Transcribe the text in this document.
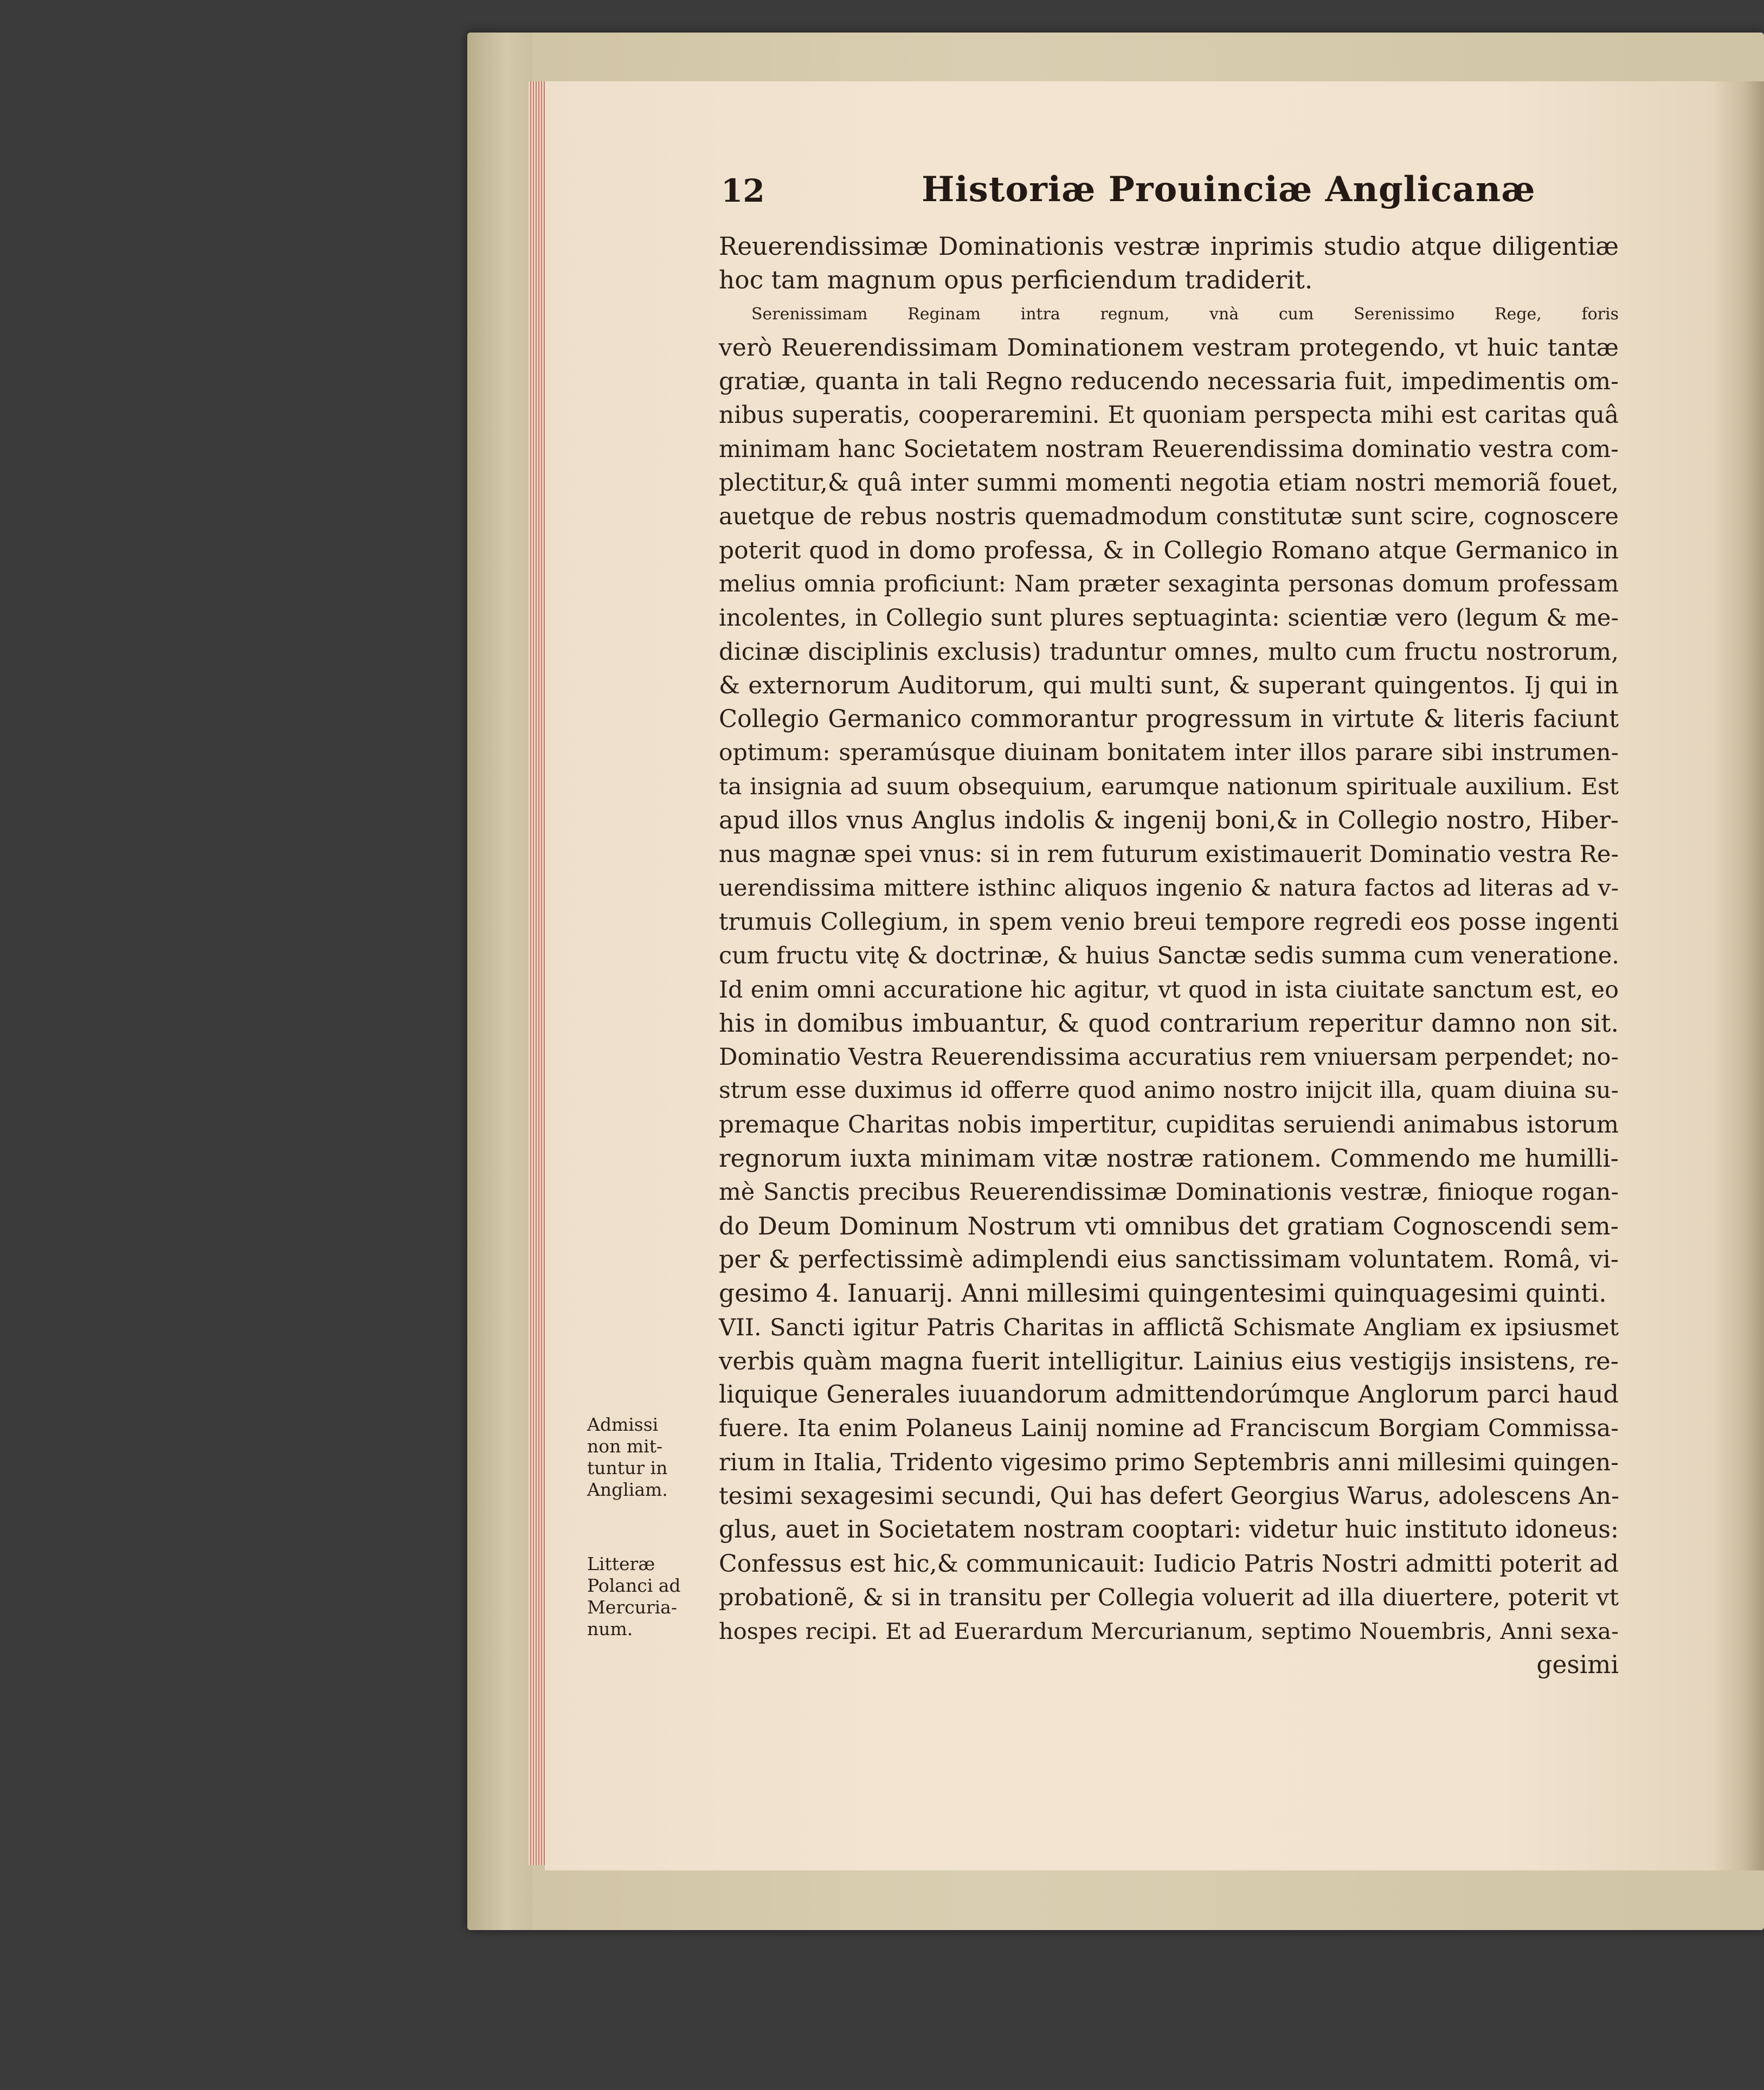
12	Historiæ Prouinciæ Anglicanæ
Reuerendissimæ Dominationis vestræ inprimis studio atque diligentiæ
hoc tam magnum opus perficiendum tradiderit.
Serenissimam Reginam intra regnum, vnà cum Serenissimo Rege, foris
verò Reuerendissimam Dominationem vestram protegendo, vt huic tantæ
gratiæ, quanta in tali Regno reducendo necessaria fuit, impedimentis om-
nibus superatis, cooperaremini. Et quoniam perspecta mihi est caritas quâ
minimam hanc Societatem nostram Reuerendissima dominatio vestra com-
plectitur,& quâ inter summi momenti negotia etiam nostri memoriã fouet,
auetque de rebus nostris quemadmodum constitutæ sunt scire, cognoscere
poterit quod in domo professa, & in Collegio Romano atque Germanico in
melius omnia proficiunt: Nam præter sexaginta personas domum professam
incolentes, in Collegio sunt plures septuaginta: scientiæ vero (legum & me-
dicinæ disciplinis exclusis) traduntur omnes, multo cum fructu nostrorum,
& externorum Auditorum, qui multi sunt, & superant quingentos. Ij qui in
Collegio Germanico commorantur progressum in virtute & literis faciunt
optimum: speramúsque diuinam bonitatem inter illos parare sibi instrumen-
ta insignia ad suum obsequium, earumque nationum spirituale auxilium. Est
apud illos vnus Anglus indolis & ingenij boni,& in Collegio nostro, Hiber-
nus magnæ spei vnus: si in rem futurum existimauerit Dominatio vestra Re-
uerendissima mittere isthinc aliquos ingenio & natura factos ad literas ad v-
trumuis Collegium, in spem venio breui tempore regredi eos posse ingenti
cum fructu vitę & doctrinæ, & huius Sanctæ sedis summa cum veneratione.
Id enim omni accuratione hic agitur, vt quod in ista ciuitate sanctum est, eo
his in domibus imbuantur, & quod contrarium reperitur damno non sit.
Dominatio Vestra Reuerendissima accuratius rem vniuersam perpendet; no-
strum esse duximus id offerre quod animo nostro inijcit illa, quam diuina su-
premaque Charitas nobis impertitur, cupiditas seruiendi animabus istorum
regnorum iuxta minimam vitæ nostræ rationem. Commendo me humilli-
mè Sanctis precibus Reuerendissimæ Dominationis vestræ, finioque rogan-
do Deum Dominum Nostrum vti omnibus det gratiam Cognoscendi sem-
per & perfectissimè adimplendi eius sanctissimam voluntatem. Româ, vi-
gesimo 4. Ianuarij. Anni millesimi quingentesimi quinquagesimi quinti.
VII. Sancti igitur Patris Charitas in afflictã Schismate Angliam ex ipsiusmet
verbis quàm magna fuerit intelligitur. Lainius eius vestigijs insistens, re-
liquique Generales iuuandorum admittendorúmque Anglorum parci haud
fuere. Ita enim Polaneus Lainij nomine ad Franciscum Borgiam Commissa-
rium in Italia, Tridento vigesimo primo Septembris anni millesimi quingen-
tesimi sexagesimi secundi, Qui has defert Georgius Warus, adolescens An-
glus, auet in Societatem nostram cooptari: videtur huic instituto idoneus:
Confessus est hic,& communicauit: Iudicio Patris Nostri admitti poterit ad
probationẽ, & si in transitu per Collegia voluerit ad illa diuertere, poterit vt
hospes recipi. Et ad Euerardum Mercurianum, septimo Nouembris, Anni sexa-
gesimi
Admissi
non mit-
tuntur in
Angliam.
Litteræ
Polanci ad
Mercuria-
num.
